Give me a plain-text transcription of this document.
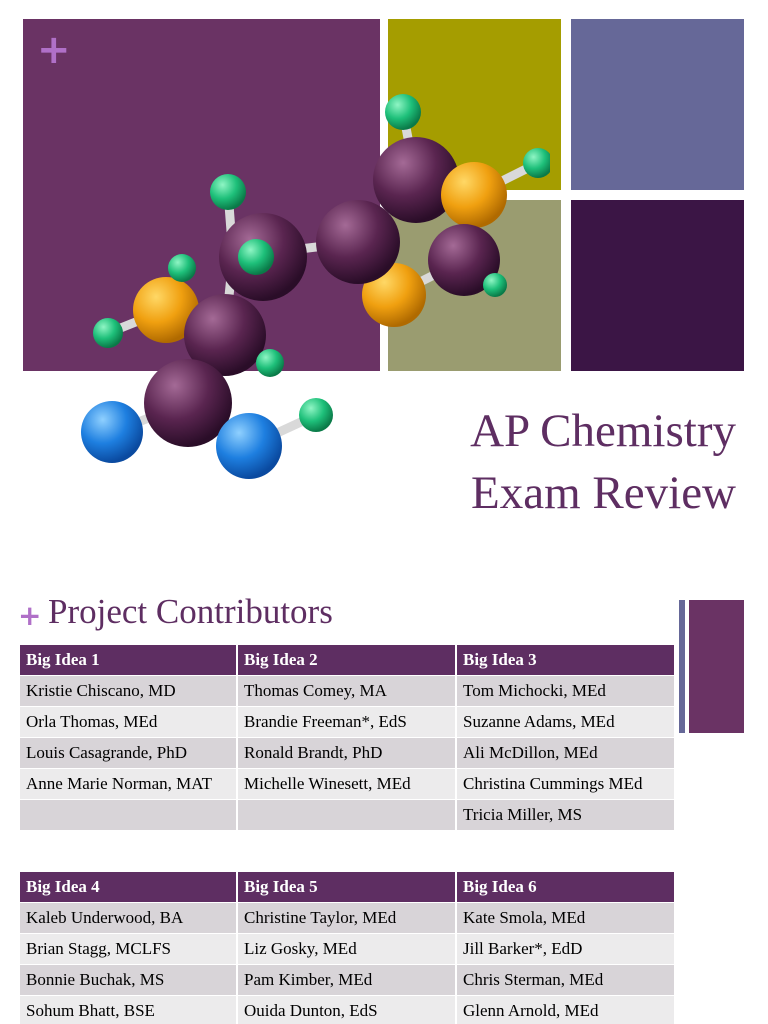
+
AP Chemistry
Exam Review
+ Project Contributors
Big Idea 1	Big Idea 2	Big Idea 3
Kristie Chiscano, MD	Thomas Comey, MA	Tom Michocki, MEd
Orla Thomas, MEd	Brandie Freeman*, EdS	Suzanne Adams, MEd
Louis Casagrande, PhD	Ronald Brandt, PhD	Ali McDillon, MEd
Anne Marie Norman, MAT	Michelle Winesett, MEd	Christina Cummings MEd
		Tricia Miller, MS
Big Idea 4	Big Idea 5	Big Idea 6
Kaleb Underwood, BA	Christine Taylor, MEd	Kate Smola, MEd
Brian Stagg, MCLFS	Liz Gosky, MEd	Jill Barker*, EdD
Bonnie Buchak, MS	Pam Kimber, MEd	Chris Sterman, MEd
Sohum Bhatt, BSE	Ouida Dunton, EdS	Glenn Arnold, MEd
